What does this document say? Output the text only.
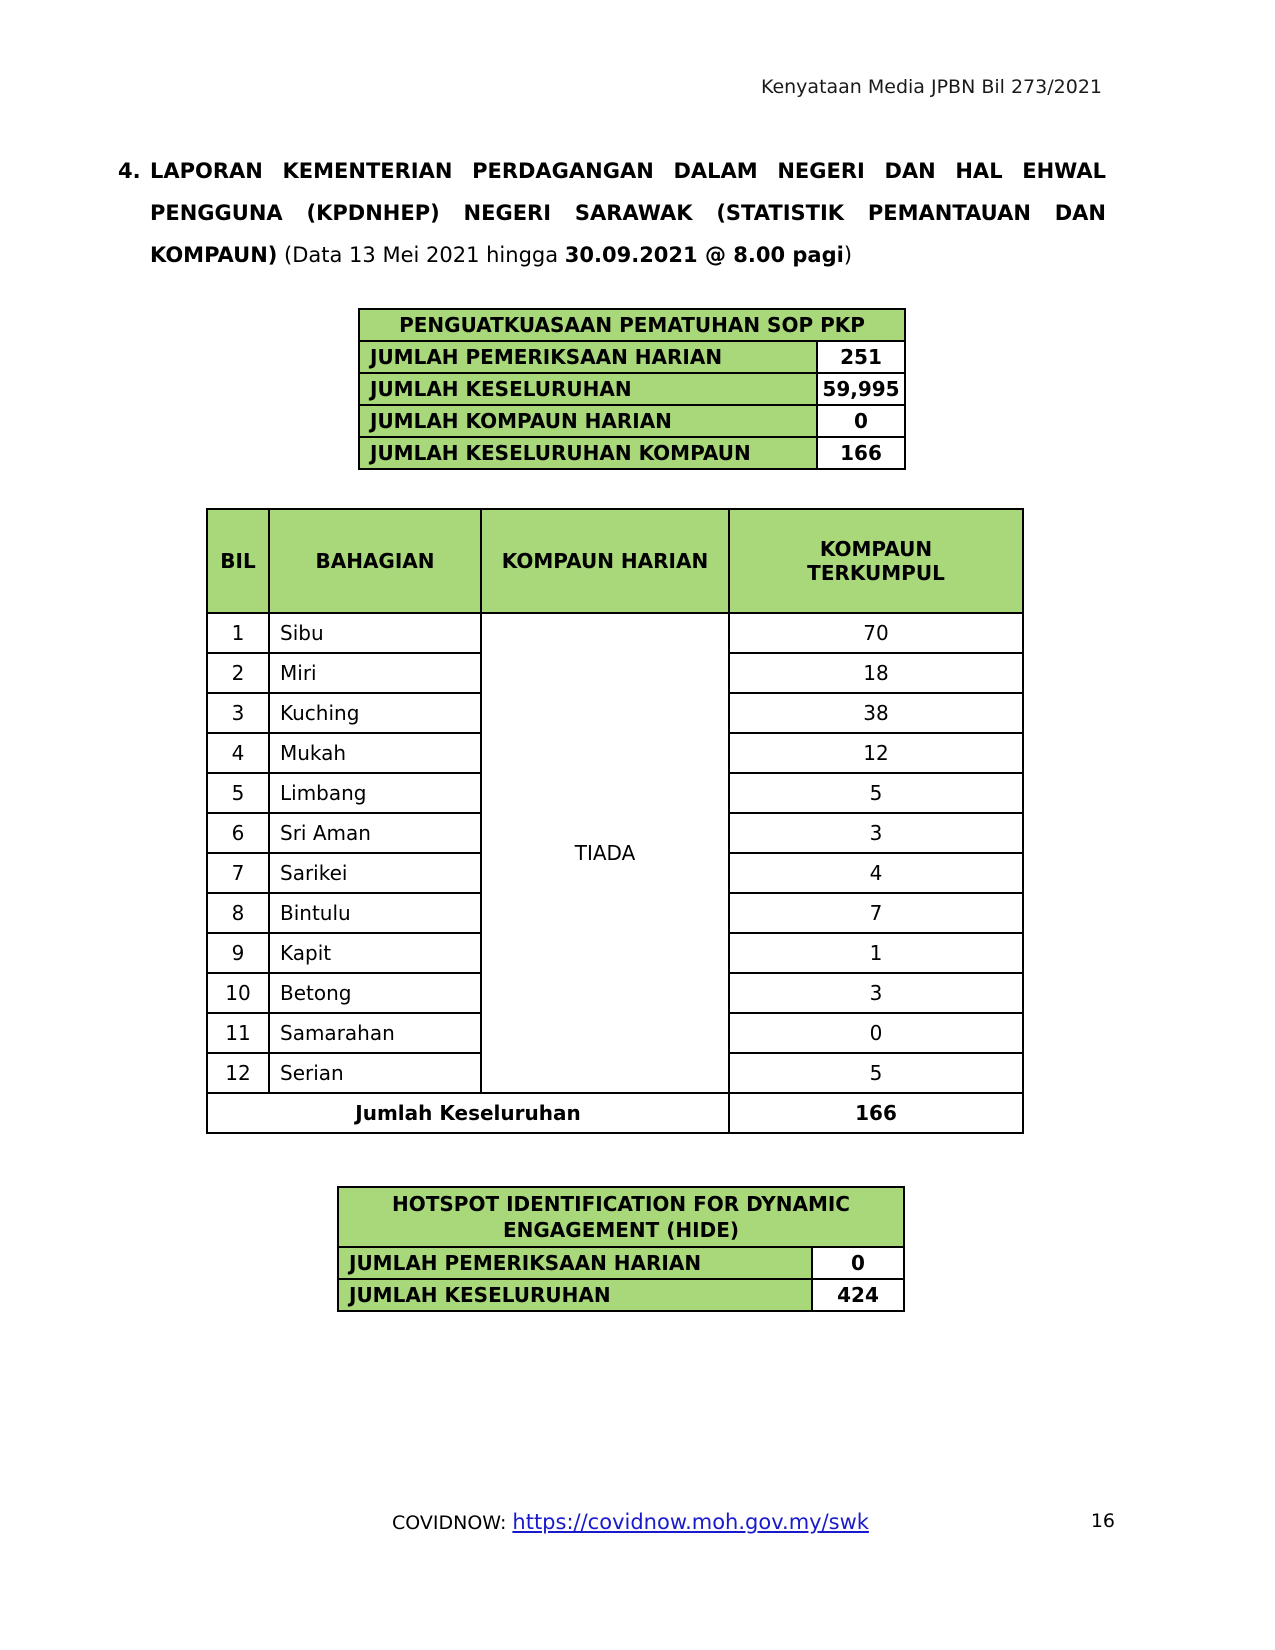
Kenyataan Media JPBN Bil 273/2021
4. LAPORAN KEMENTERIAN PERDAGANGAN DALAM NEGERI DAN HAL EHWAL
PENGGUNA (KPDNHEP) NEGERI SARAWAK (STATISTIK PEMANTAUAN DAN
KOMPAUN) (Data 13 Mei 2021 hingga 30.09.2021 @ 8.00 pagi)
PENGUATKUASAAN PEMATUHAN SOP PKP	
JUMLAH PEMERIKSAAN HARIAN	251
JUMLAH KESELURUHAN	59,995
JUMLAH KOMPAUN HARIAN	0
JUMLAH KESELURUHAN KOMPAUN	166
BIL	BAHAGIAN	KOMPAUN HARIAN	KOMPAUN
TERKUMPUL
1	Sibu	TIADA	70
2	Miri		18
3	Kuching		38
4	Mukah		12
5	Limbang		5
6	Sri Aman		3
7	Sarikei		4
8	Bintulu		7
9	Kapit		1
10	Betong		3
11	Samarahan		0
12	Serian		5
Jumlah Keseluruhan			166
HOTSPOT IDENTIFICATION FOR DYNAMIC ENGAGEMENT (HIDE)	
JUMLAH PEMERIKSAAN HARIAN	0
JUMLAH KESELURUHAN	424
COVIDNOW: https://covidnow.moh.gov.my/swk	16
